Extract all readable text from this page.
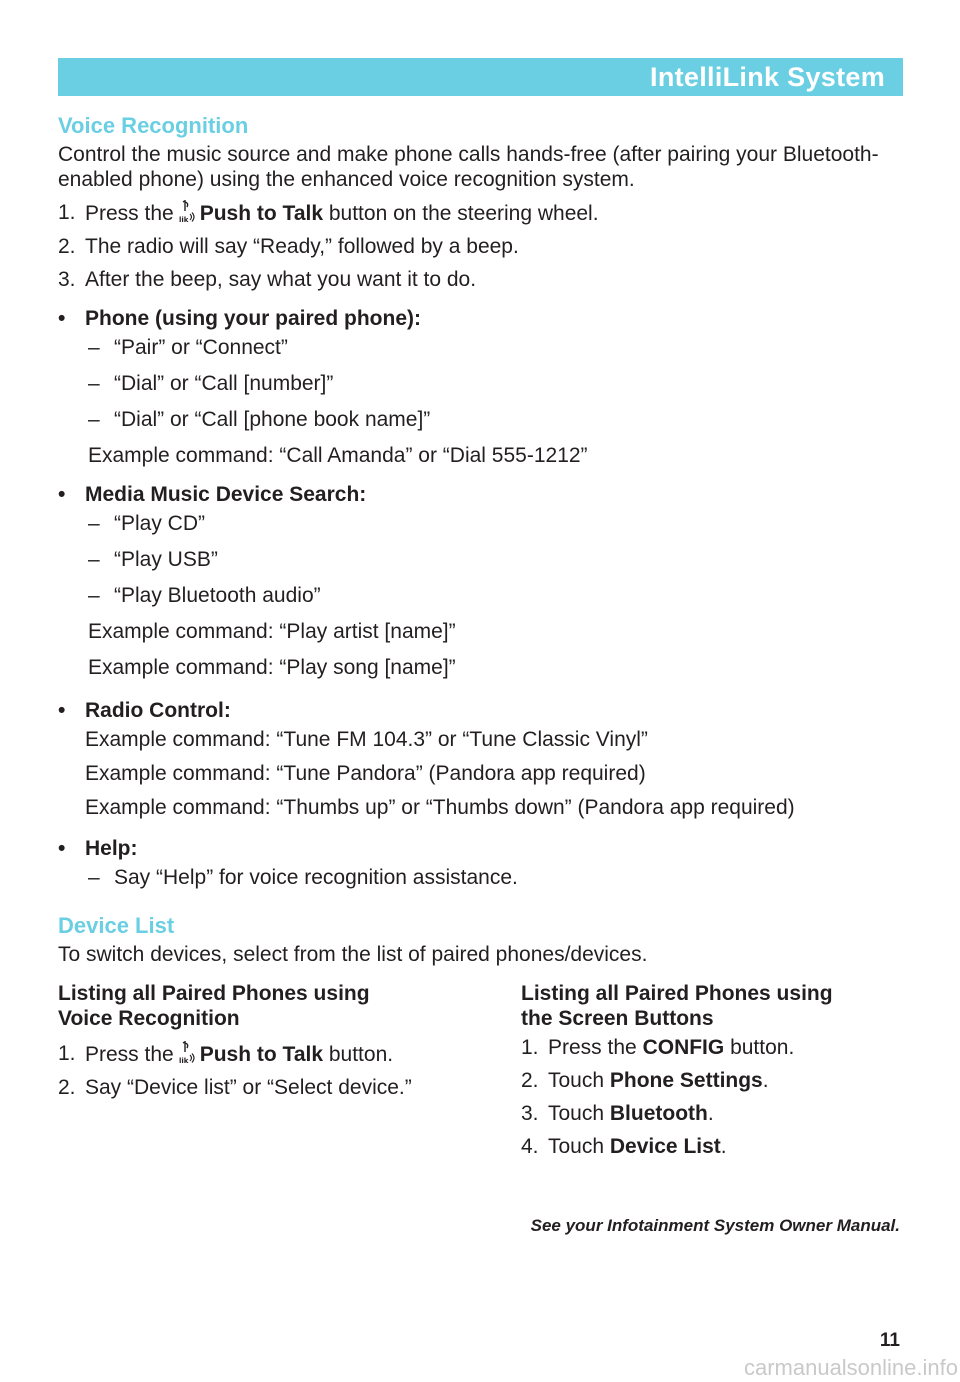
IntelliLink System
Voice Recognition

Control the music source and make phone calls hands-free (after pairing your Bluetooth-enabled phone) using the enhanced voice recognition system.

1. Press the lik Push to Talk button on the steering wheel.
2. The radio will say “Ready,” followed by a beep.
3. After the beep, say what you want it to do.
• Phone (using your paired phone):
– “Pair” or “Connect”
– “Dial” or “Call [number]”
– “Dial” or “Call [phone book name]”
Example command: “Call Amanda” or “Dial 555-1212”
• Media Music Device Search:
– “Play CD”
– “Play USB”
– “Play Bluetooth audio”
Example command: “Play artist [name]”
Example command: “Play song [name]”
• Radio Control:
Example command: “Tune FM 104.3” or “Tune Classic Vinyl”
Example command: “Tune Pandora” (Pandora app required)
Example command: “Thumbs up” or “Thumbs down” (Pandora app required)
• Help:
– Say “Help” for voice recognition assistance.
Device List

To switch devices, select from the list of paired phones/devices.

Listing all Paired Phones using
Voice Recognition
1. Press the lik Push to Talk button.
2. Say “Device list” or “Select device.”
Listing all Paired Phones using
the Screen Buttons
1. Press the CONFIG button.
2. Touch Phone Settings.
3. Touch Bluetooth.
4. Touch Device List.
See your Infotainment System Owner Manual.
11
carmanualsonline.info
